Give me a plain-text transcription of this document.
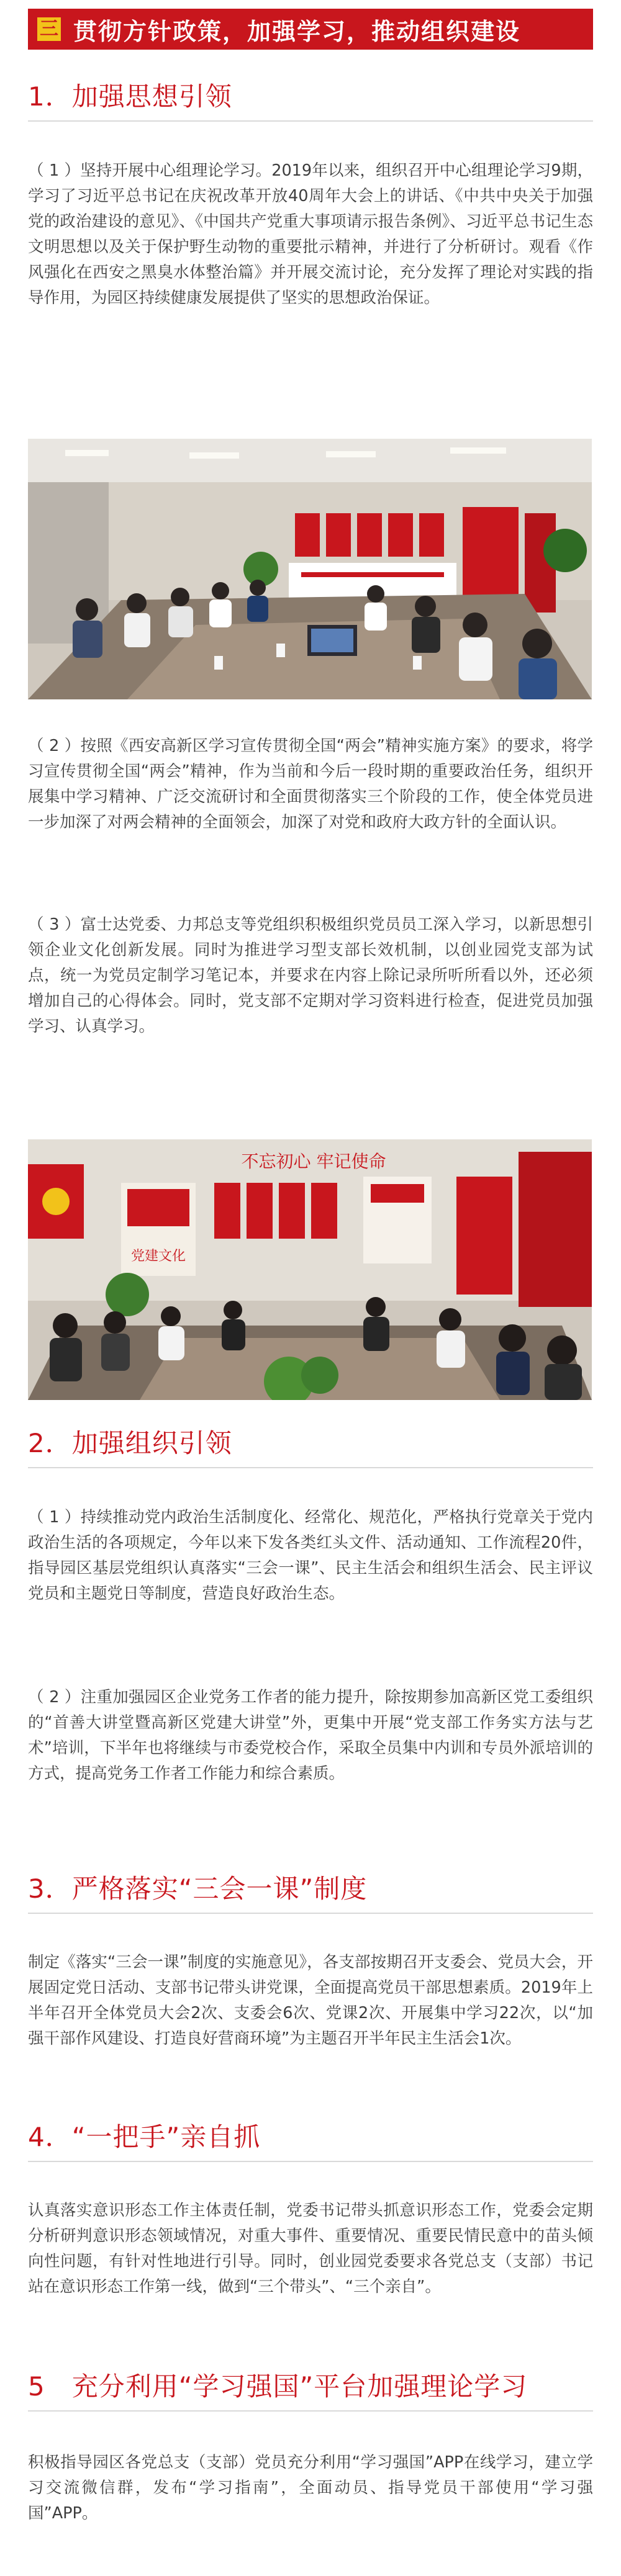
三 贯彻方针政策，加强学习，推动组织建设
1．加强思想引领
（ 1 ）坚持开展中心组理论学习。2019年以来，组织召开中心组理论学习9期，学习了习近平总书记在庆祝改革开放40周年大会上的讲话、《中共中央关于加强党的政治建设的意见》、《中国共产党重大事项请示报告条例》、习近平总书记生态文明思想以及关于保护野生动物的重要批示精神，并进行了分析研讨。观看《作风强化在西安之黑臭水体整治篇》并开展交流讨论，充分发挥了理论对实践的指导作用，为园区持续健康发展提供了坚实的思想政治保证。
（ 2 ）按照《西安高新区学习宣传贯彻全国“两会”精神实施方案》的要求，将学习宣传贯彻全国“两会”精神，作为当前和今后一段时期的重要政治任务，组织开展集中学习精神、广泛交流研讨和全面贯彻落实三个阶段的工作，使全体党员进一步加深了对两会精神的全面领会，加深了对党和政府大政方针的全面认识。
（ 3 ）富士达党委、力邦总支等党组织积极组织党员员工深入学习，以新思想引领企业文化创新发展。同时为推进学习型支部长效机制，以创业园党支部为试点，统一为党员定制学习笔记本，并要求在内容上除记录所听所看以外，还必须增加自己的心得体会。同时，党支部不定期对学习资料进行检查，促进党员加强学习、认真学习。
党建文化
不忘初心 牢记使命
2．加强组织引领
（ 1 ）持续推动党内政治生活制度化、经常化、规范化，严格执行党章关于党内政治生活的各项规定，今年以来下发各类红头文件、活动通知、工作流程20件，指导园区基层党组织认真落实“三会一课”、民主生活会和组织生活会、民主评议党员和主题党日等制度，营造良好政治生态。
（ 2 ）注重加强园区企业党务工作者的能力提升，除按期参加高新区党工委组织的“首善大讲堂暨高新区党建大讲堂”外，更集中开展“党支部工作务实方法与艺术”培训，下半年也将继续与市委党校合作，采取全员集中内训和专员外派培训的方式，提高党务工作者工作能力和综合素质。
3．严格落实“三会一课”制度
制定《落实“三会一课”制度的实施意见》，各支部按期召开支委会、党员大会，开展固定党日活动、支部书记带头讲党课，全面提高党员干部思想素质。2019年上半年召开全体党员大会2次、支委会6次、党课2次、开展集中学习22次，以“加强干部作风建设、打造良好营商环境”为主题召开半年民主生活会1次。
4．“一把手”亲自抓
认真落实意识形态工作主体责任制，党委书记带头抓意识形态工作，党委会定期分析研判意识形态领域情况，对重大事件、重要情况、重要民情民意中的苗头倾向性问题，有针对性地进行引导。同时，创业园党委要求各党总支（支部）书记站在意识形态工作第一线，做到“三个带头”、“三个亲自”。
5　充分利用“学习强国”平台加强理论学习
积极指导园区各党总支（支部）党员充分利用“学习强国”APP在线学习，建立学习交流微信群，发布“学习指南”，全面动员、指导党员干部使用“学习强国”APP。
